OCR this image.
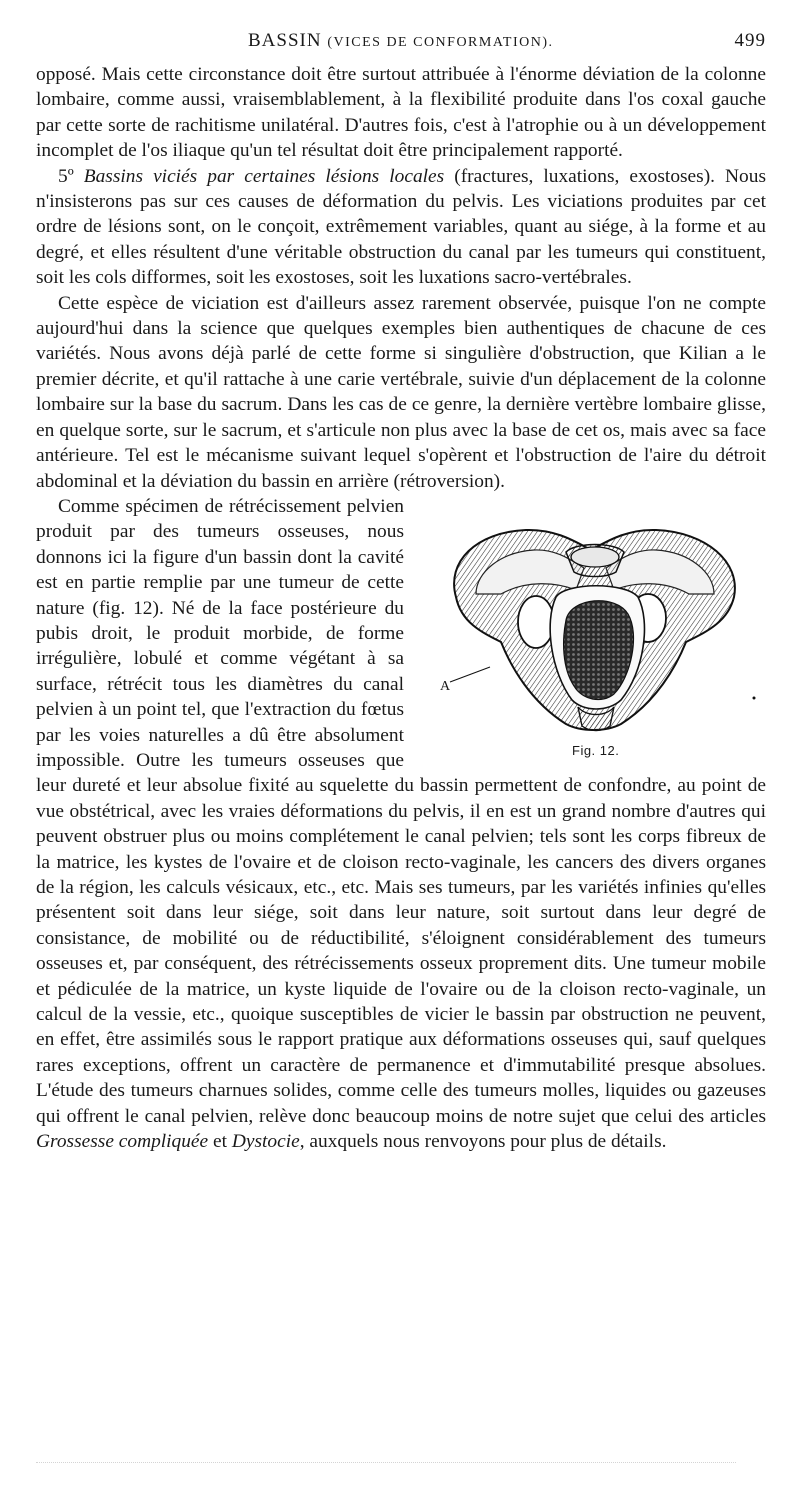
BASSIN (VICES DE CONFORMATION).	499

opposé. Mais cette circonstance doit être surtout attribuée à l'énorme déviation de la colonne lombaire, comme aussi, vraisemblablement, à la flexibilité produite dans l'os coxal gauche par cette sorte de rachitisme unilatéral. D'autres fois, c'est à l'atrophie ou à un développement incomplet de l'os iliaque qu'un tel résultat doit être principalement rapporté.

5º Bassins viciés par certaines lésions locales (fractures, luxations, exostoses). Nous n'insisterons pas sur ces causes de déformation du pelvis. Les viciations produites par cet ordre de lésions sont, on le conçoit, extrêmement variables, quant au siége, à la forme et au degré, et elles résultent d'une véritable obstruction du canal par les tumeurs qui constituent, soit les cols difformes, soit les exostoses, soit les luxations sacro-vertébrales.

Cette espèce de viciation est d'ailleurs assez rarement observée, puisque l'on ne compte aujourd'hui dans la science que quelques exemples bien authentiques de chacune de ces variétés. Nous avons déjà parlé de cette forme si singulière d'obstruction, que Kilian a le premier décrite, et qu'il rattache à une carie vertébrale, suivie d'un déplacement de la colonne lombaire sur la base du sacrum. Dans les cas de ce genre, la dernière vertèbre lombaire glisse, en quelque sorte, sur le sacrum, et s'articule non plus avec la base de cet os, mais avec sa face antérieure. Tel est le mécanisme suivant lequel s'opèrent et l'obstruction de l'aire du détroit abdominal et la déviation du bassin en arrière (rétroversion).

A
Fig. 12.

Comme spécimen de rétrécissement pelvien produit par des tumeurs osseuses, nous donnons ici la figure d'un bassin dont la cavité est en partie remplie par une tumeur de cette nature (fig. 12). Né de la face postérieure du pubis droit, le produit morbide, de forme irrégulière, lobulé et comme végétant à sa surface, rétrécit tous les diamètres du canal pelvien à un point tel, que l'extraction du fœtus par les voies naturelles a dû être absolument impossible. Outre les tumeurs osseuses que leur dureté et leur absolue fixité au squelette du bassin permettent de confondre, au point de vue obstétrical, avec les vraies déformations du pelvis, il en est un grand nombre d'autres qui peuvent obstruer plus ou moins complétement le canal pelvien; tels sont les corps fibreux de la matrice, les kystes de l'ovaire et de cloison recto-vaginale, les cancers des divers organes de la région, les calculs vésicaux, etc., etc. Mais ses tumeurs, par les variétés infinies qu'elles présentent soit dans leur siége, soit dans leur nature, soit surtout dans leur degré de consistance, de mobilité ou de réductibilité, s'éloignent considérablement des tumeurs osseuses et, par conséquent, des rétrécissements osseux proprement dits. Une tumeur mobile et pédiculée de la matrice, un kyste liquide de l'ovaire ou de la cloison recto-vaginale, un calcul de la vessie, etc., quoique susceptibles de vicier le bassin par obstruction ne peuvent, en effet, être assimilés sous le rapport pratique aux déformations osseuses qui, sauf quelques rares exceptions, offrent un caractère de permanence et d'immutabilité presque absolues. L'étude des tumeurs charnues solides, comme celle des tumeurs molles, liquides ou gazeuses qui offrent le canal pelvien, relève donc beaucoup moins de notre sujet que celui des articles Grossesse compliquée et Dystocie, auxquels nous renvoyons pour plus de détails.
